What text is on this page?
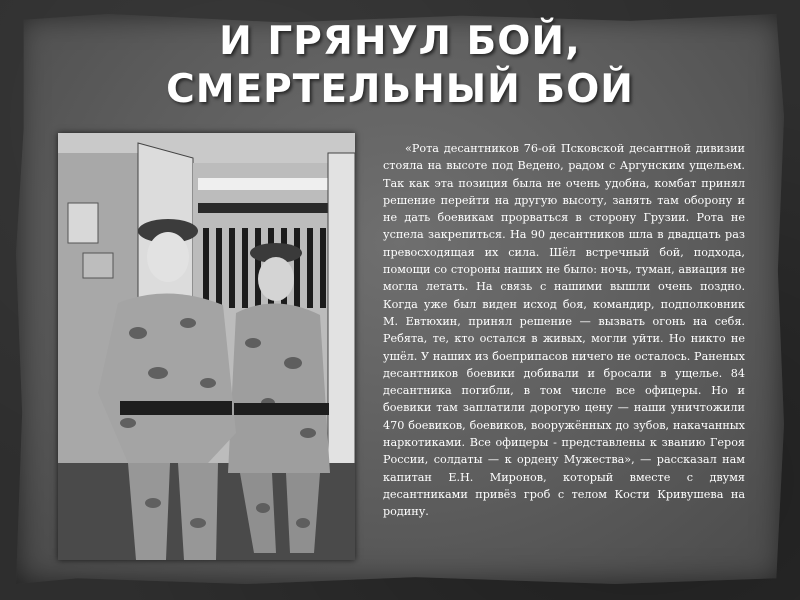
И ГРЯНУЛ БОЙ, СМЕРТЕЛЬНЫЙ БОЙ

«Рота десантников 76-ой Псковской десантной дивизии стояла на высоте под Ведено, радом с Аргунским ущельем. Так как эта позиция была не очень удобна, комбат принял решение перейти на другую высоту, занять там оборону и не дать боевикам прорваться в сторону Грузии. Рота не успела закрепиться. На 90 десантников шла в двадцать раз превосходящая их сила. Шёл встречный бой, подхода, помощи со стороны наших не было: ночь, туман, авиация не могла летать. На связь с нашими вышли очень поздно. Когда уже был виден исход боя, командир, подполковник М. Евтюхин, принял решение — вызвать огонь на себя. Ребята, те, кто остался в живых, могли уйти. Но никто не ушёл. У наших из боеприпасов ничего не осталось. Раненых десантников боевики добивали и бросали в ущелье. 84 десантника погибли, в том числе все офицеры. Но и боевики там заплатили дорогую цену — наши уничтожили 470 боевиков, боевиков, вооружённых до зубов, накачанных наркотиками. Все офицеры - представлены к званию Героя России, солдаты — к ордену Мужества», — рассказал нам капитан Е.Н. Миронов, который вместе с двумя десантниками привёз гроб с телом Кости Кривушева на родину.
